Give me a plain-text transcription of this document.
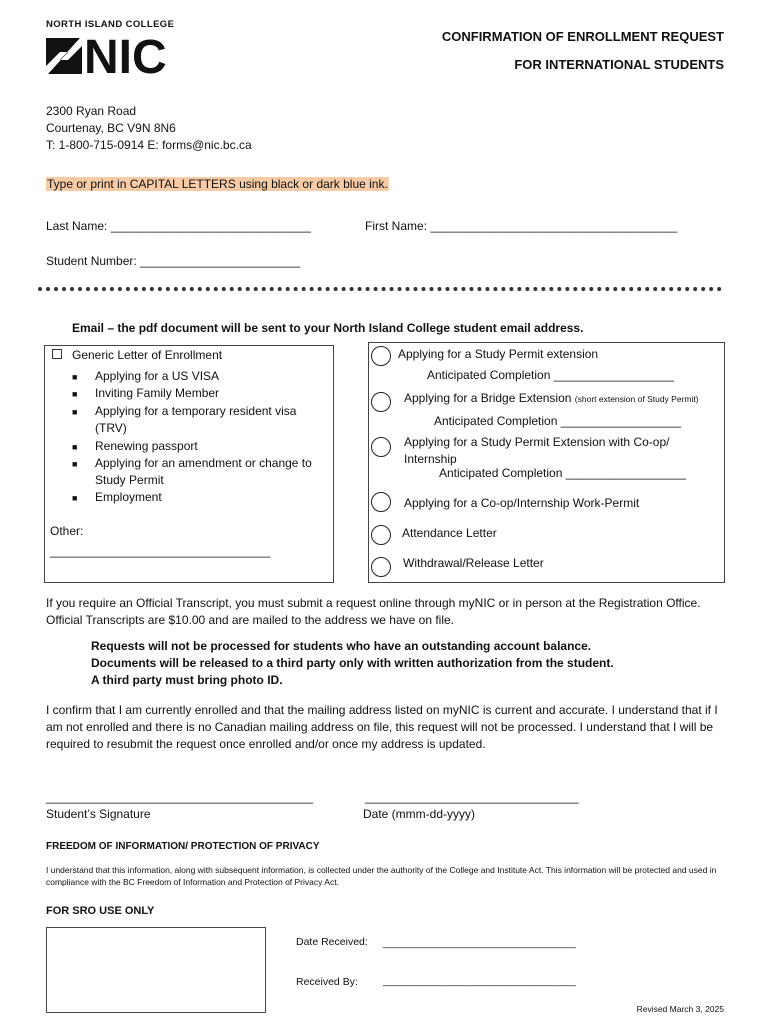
NORTH ISLAND COLLEGE
NIC	CONFIRMATION OF ENROLLMENT REQUEST
FOR INTERNATIONAL STUDENTS
2300 Ryan Road
Courtenay, BC V9N 8N6
T: 1-800-715-0914 E: forms@nic.bc.ca
Type or print in CAPITAL LETTERS using black or dark blue ink.
Last Name: ______________________________	First Name: _____________________________________
Student Number: ________________________
Email – the pdf document will be sent to your North Island College student email address.
Generic Letter of Enrollment
■ Applying for a US VISA
■ Inviting Family Member
■ Applying for a temporary resident visa (TRV)
■ Renewing passport
■ Applying for an amendment or change to Study Permit
■ Employment
Other:
_________________________________
Applying for a Study Permit extension
Anticipated Completion __________________
Applying for a Bridge Extension (short extension of Study Permit)
Anticipated Completion __________________
Applying for a Study Permit Extension with Co-op/ Internship
Anticipated Completion __________________
Applying for a Co-op/Internship Work-Permit
Attendance Letter
Withdrawal/Release Letter
If you require an Official Transcript, you must submit a request online through myNIC or in person at the Registration Office. Official Transcripts are $10.00 and are mailed to the address we have on file.
Requests will not be processed for students who have an outstanding account balance.
Documents will be released to a third party only with written authorization from the student.
A third party must bring photo ID.
I confirm that I am currently enrolled and that the mailing address listed on myNIC is current and accurate. I understand that if I am not enrolled and there is no Canadian mailing address on file, this request will not be processed. I understand that I will be required to resubmit the request once enrolled and/or once my address is updated.
________________________________________
Student’s Signature
________________________________
Date (mmm-dd-yyyy)
FREEDOM OF INFORMATION/ PROTECTION OF PRIVACY
I understand that this information, along with subsequent information, is collected under the authority of the College and Institute Act. This information will be protected and used in compliance with the BC Freedom of Information and Protection of Privacy Act.
FOR SRO USE ONLY
Date Received: _________________________________
Received By: _________________________________
Revised March 3, 2025
